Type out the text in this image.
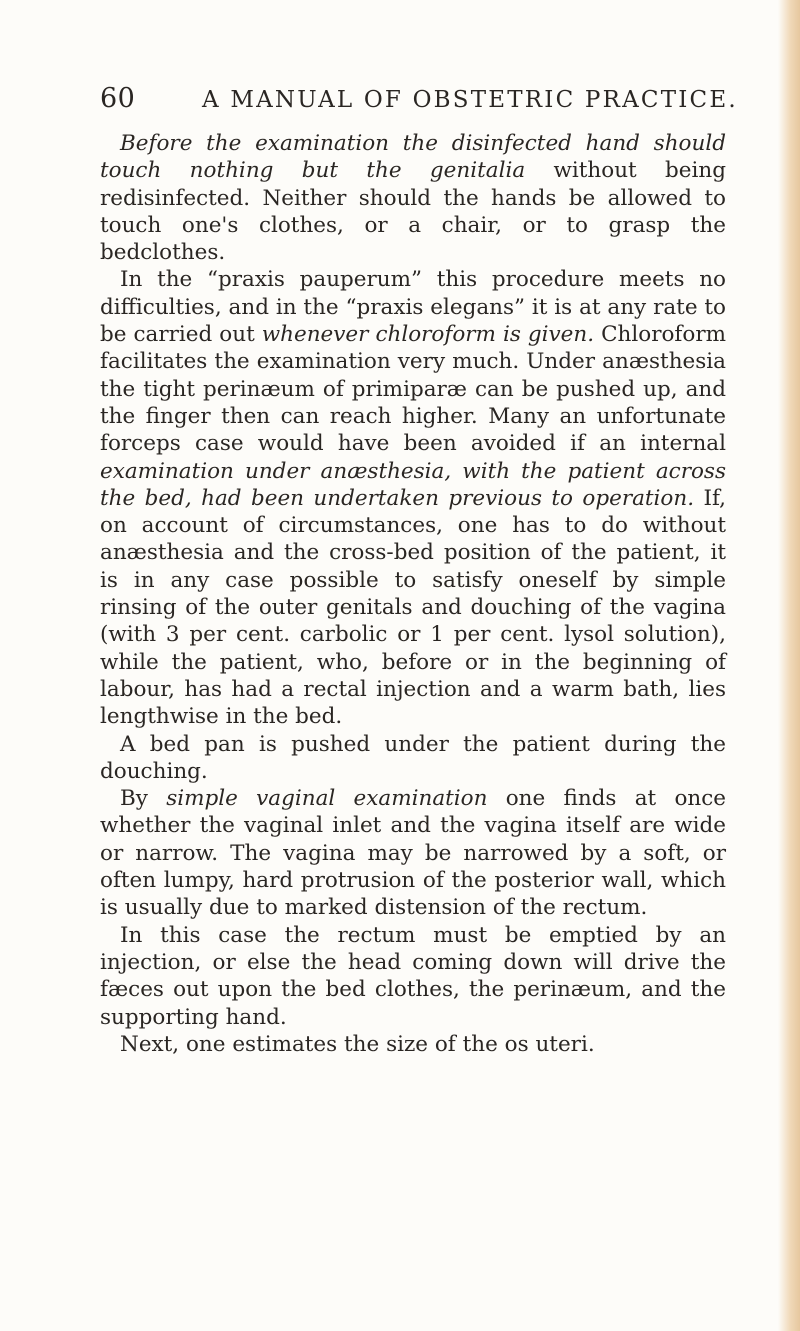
60	A MANUAL OF OBSTETRIC PRACTICE.

Before the examination the disinfected hand should touch nothing but the genitalia without being redisinfected. Neither should the hands be allowed to touch one's clothes, or a chair, or to grasp the bedclothes.

In the “praxis pauperum” this procedure meets no difficulties, and in the “praxis elegans” it is at any rate to be carried out whenever chloroform is given. Chloroform facilitates the examination very much. Under anæsthesia the tight perinæum of primiparæ can be pushed up, and the finger then can reach higher. Many an unfortunate forceps case would have been avoided if an internal examination under anæsthesia, with the patient across the bed, had been undertaken previous to operation. If, on account of circumstances, one has to do without anæsthesia and the cross-bed position of the patient, it is in any case possible to satisfy oneself by simple rinsing of the outer genitals and douching of the vagina (with 3 per cent. carbolic or 1 per cent. lysol solution), while the patient, who, before or in the beginning of labour, has had a rectal injection and a warm bath, lies lengthwise in the bed.

A bed pan is pushed under the patient during the douching.

By simple vaginal examination one finds at once whether the vaginal inlet and the vagina itself are wide or narrow. The vagina may be narrowed by a soft, or often lumpy, hard protrusion of the posterior wall, which is usually due to marked distension of the rectum.

In this case the rectum must be emptied by an injection, or else the head coming down will drive the fæces out upon the bed clothes, the perinæum, and the supporting hand.

Next, one estimates the size of the os uteri.
